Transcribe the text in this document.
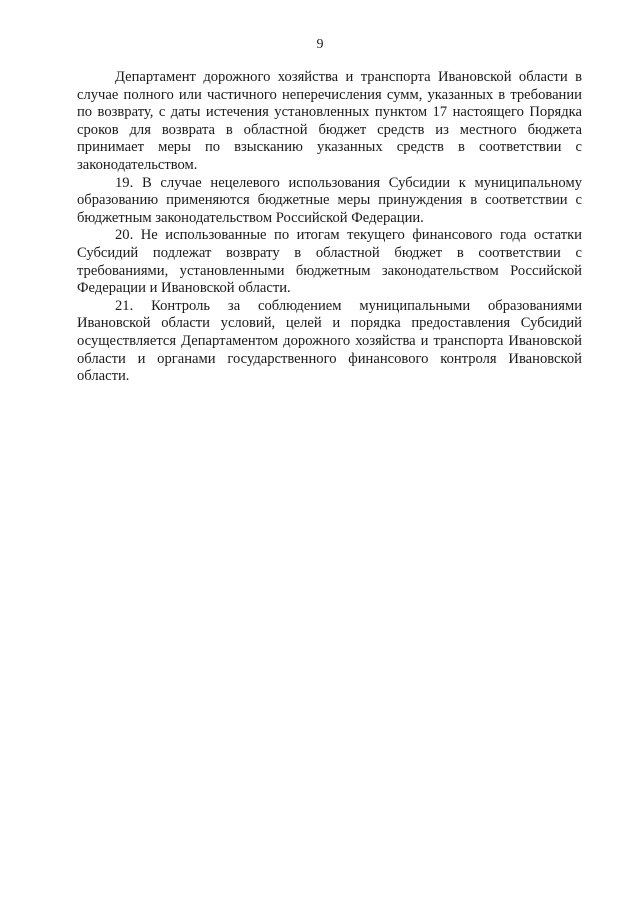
9

Департамент дорожного хозяйства и транспорта Ивановской области в случае полного или частичного неперечисления сумм, указанных в требовании по возврату, с даты истечения установленных пунктом 17 настоящего Порядка сроков для возврата в областной бюджет средств из местного бюджета принимает меры по взысканию указанных средств в соответствии с законодательством.

19. В случае нецелевого использования Субсидии к муниципальному образованию применяются бюджетные меры принуждения в соответствии с бюджетным законодательством Российской Федерации.

20. Не использованные по итогам текущего финансового года остатки Субсидий подлежат возврату в областной бюджет в соответствии с требованиями, установленными бюджетным законодательством Российской Федерации и Ивановской области.

21. Контроль за соблюдением муниципальными образованиями Ивановской области условий, целей и порядка предоставления Субсидий осуществляется Департаментом дорожного хозяйства и транспорта Ивановской области и органами государственного финансового контроля Ивановской области.
